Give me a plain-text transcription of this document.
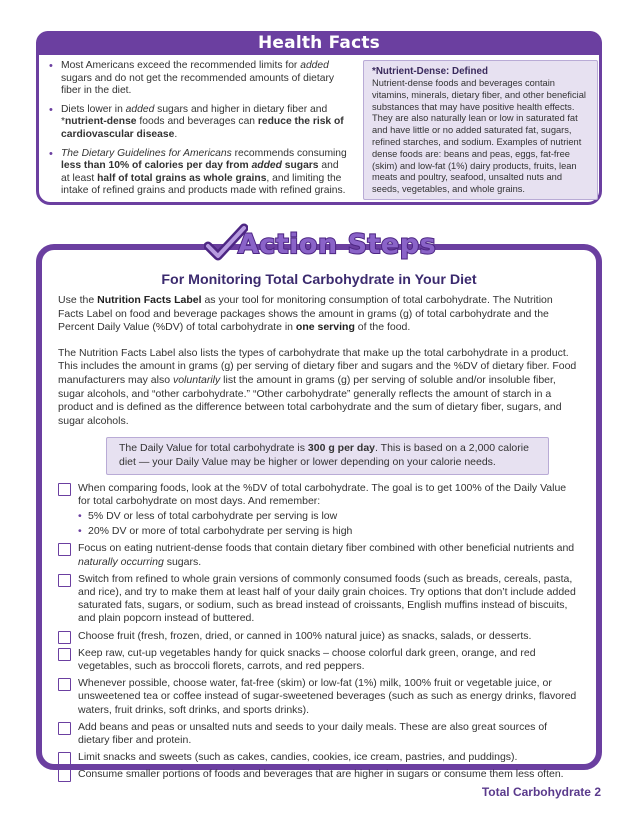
Health Facts
• Most Americans exceed the recommended limits for added sugars and do not get the recommended amounts of dietary fiber in the diet.
• Diets lower in added sugars and higher in dietary fiber and *nutrient-dense foods and beverages can reduce the risk of cardiovascular disease.
• The Dietary Guidelines for Americans recommends consuming less than 10% of calories per day from added sugars and at least half of total grains as whole grains, and limiting the intake of refined grains and products made with refined grains.
*Nutrient-Dense: Defined
Nutrient-dense foods and beverages contain vitamins, minerals, dietary fiber, and other beneficial substances that may have positive health effects. They are also naturally lean or low in saturated fat and have little or no added saturated fat, sugars, refined starches, and sodium. Examples of nutrient dense foods are: beans and peas, eggs, fat-free (skim) and low-fat (1%) dairy products, fruits, lean meats and poultry, seafood, unsalted nuts and seeds, vegetables, and whole grains.
For Monitoring Total Carbohydrate in Your Diet

Use the Nutrition Facts Label as your tool for monitoring consumption of total carbohydrate. The Nutrition Facts Label on food and beverage packages shows the amount in grams (g) of total carbohydrate and the Percent Daily Value (%DV) of total carbohydrate in one serving of the food.

The Nutrition Facts Label also lists the types of carbohydrate that make up the total carbohydrate in a product. This includes the amount in grams (g) per serving of dietary fiber and sugars and the %DV of dietary fiber. Food manufacturers may also voluntarily list the amount in grams (g) per serving of soluble and/or insoluble fiber, sugar alcohols, and “other carbohydrate.” “Other carbohydrate” generally reflects the amount of starch in a product and is defined as the difference between total carbohydrate and the sum of dietary fiber, sugars, and sugar alcohols.

The Daily Value for total carbohydrate is 300 g per day. This is based on a 2,000 calorie diet — your Daily Value may be higher or lower depending on your calorie needs.
When comparing foods, look at the %DV of total carbohydrate. The goal is to get 100% of the Daily Value for total carbohydrate on most days. And remember:
• 5% DV or less of total carbohydrate per serving is low
• 20% DV or more of total carbohydrate per serving is high
Focus on eating nutrient-dense foods that contain dietary fiber combined with other beneficial nutrients and naturally occurring sugars.
Switch from refined to whole grain versions of commonly consumed foods (such as breads, cereals, pasta, and rice), and try to make them at least half of your daily grain choices. Try options that don’t include added saturated fats, sugars, or sodium, such as bread instead of croissants, English muffins instead of biscuits, and plain popcorn instead of buttered.
Choose fruit (fresh, frozen, dried, or canned in 100% natural juice) as snacks, salads, or desserts.
Keep raw, cut-up vegetables handy for quick snacks – choose colorful dark green, orange, and red vegetables, such as broccoli florets, carrots, and red peppers.
Whenever possible, choose water, fat-free (skim) or low-fat (1%) milk, 100% fruit or vegetable juice, or unsweetened tea or coffee instead of sugar-sweetened beverages (such as such as energy drinks, flavored waters, fruit drinks, soft drinks, and sports drinks).
Add beans and peas or unsalted nuts and seeds to your daily meals. These are also great sources of dietary fiber and protein.
Limit snacks and sweets (such as cakes, candies, cookies, ice cream, pastries, and puddings).
Consume smaller portions of foods and beverages that are higher in sugars or consume them less often.
Action Steps
Total Carbohydrate 2
